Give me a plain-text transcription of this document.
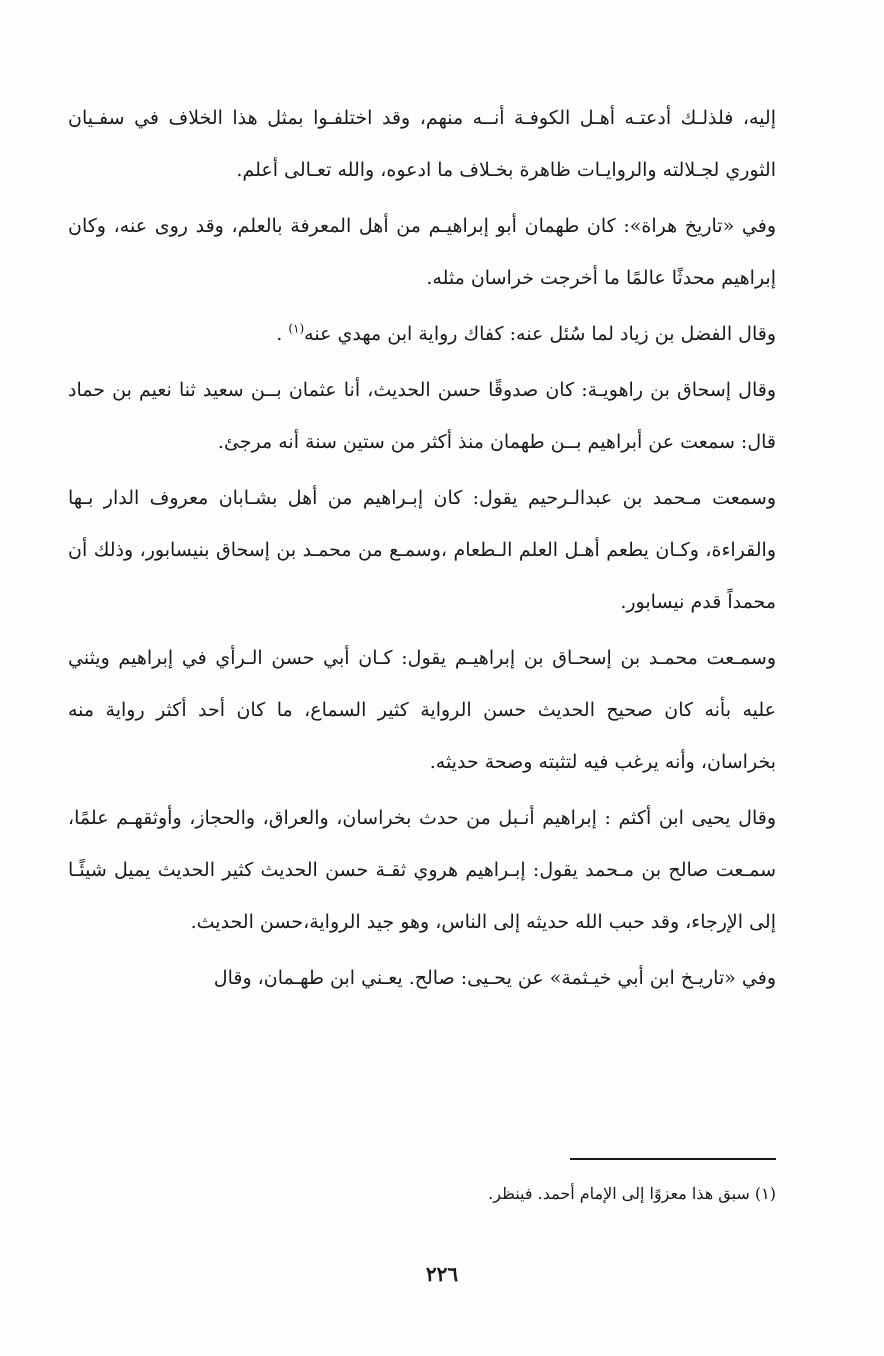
إليه، فلذلـك أدعتـه أهـل الكوفـة أنــه منهم، وقد اختلفـوا بمثل هذا الخلاف في سفـيان الثوري لجـلالته والروايـات ظاهرة بخـلاف ما ادعوه، والله تعـالى أعلم.

وفي «تاريخ هراة»: كان طهمان أبو إبراهيـم من أهل المعرفة بالعلم، وقد روى عنه، وكان إبراهيم محدثًا عالمًا ما أخرجت خراسان مثله.

وقال الفضل بن زياد لما سُئل عنه: كفاك رواية ابن مهدي عنه$^{(١)}$ .

وقال إسحاق بن راهويـة: كان صدوقًا حسن الحديث، أنا عثمان بــن سعيد ثنا نعيم بن حماد قال: سمعت عن أبراهيم بــن طهمان منذ أكثر من ستين سنة أنه مرجئ.

وسمعت مـحمد بن عبدالـرحيم يقول: كان إبـراهيم من أهل بشـابان معروف الدار بـها والقراءة، وكـان يطعم أهـل العلم الـطعام ،وسمـع من محمـد بن إسحاق بنيسابور، وذلك أن محمداً قدم نيسابور.

وسمـعت محمـد بن إسحـاق بن إبراهيـم يقول: كـان أبي حسن الـرأي في إبراهيم ويثني عليه بأنه كان صحيح الحديث حسن الرواية كثير السماع، ما كان أحد أكثر رواية منه بخراسان، وأنه يرغب فيه لتثبته وصحة حديثه.

وقال يحيى ابن أكثم : إبراهيم أنـبل من حدث بخراسان، والعراق، والحجاز، وأوثقهـم علمًا، سمـعت صالح بن مـحمد يقول: إبـراهيم هروي ثقـة حسن الحديث كثير الحديث يميل شيئًـا إلى الإرجاء، وقد حبب الله حديثه إلى الناس، وهو جيد الرواية،حسن الحديث.

وفي «تاريـخ ابن أبي خيـثمة» عن يحـيى: صالح. يعـني ابن طهـمان، وقال

(١) سبق هذا معزوًا إلى الإمام أحمد. فينظر.
٢٢٦
